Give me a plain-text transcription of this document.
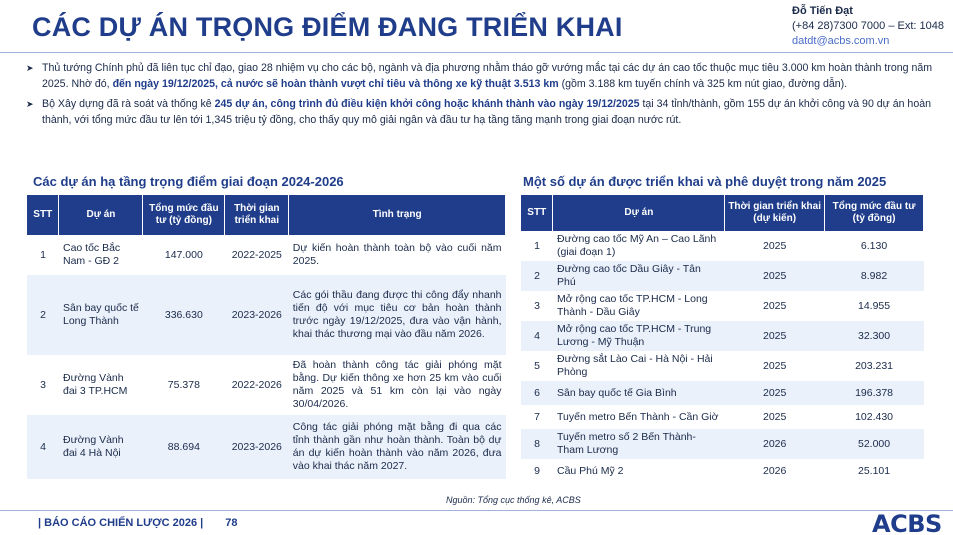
CÁC DỰ ÁN TRỌNG ĐIỂM ĐANG TRIỂN KHAI
Đỗ Tiến Đạt
(+84 28)7300 7000 – Ext: 1048
datdt@acbs.com.vn
➤ Thủ tướng Chính phủ đã liên tục chỉ đạo, giao 28 nhiệm vụ cho các bộ, ngành và địa phương nhằm tháo gỡ vướng mắc tại các dự án cao tốc thuộc mục tiêu 3.000 km hoàn thành trong năm 2025. Nhờ đó, đến ngày 19/12/2025, cả nước sẽ hoàn thành vượt chỉ tiêu và thông xe kỹ thuật 3.513 km (gồm 3.188 km tuyến chính và 325 km nút giao, đường dẫn).
➤ Bộ Xây dựng đã rà soát và thống kê 245 dự án, công trình đủ điều kiện khởi công hoặc khánh thành vào ngày 19/12/2025 tại 34 tỉnh/thành, gồm 155 dự án khởi công và 90 dự án hoàn thành, với tổng mức đầu tư lên tới 1,345 triệu tỷ đồng, cho thấy quy mô giải ngân và đầu tư hạ tầng tăng mạnh trong giai đoạn nước rút.
Các dự án hạ tầng trọng điểm giai đoạn 2024-2026	Một số dự án được triển khai và phê duyệt trong năm 2025
STT	Dự án	Tổng mức đầu tư (tỷ đồng)	Thời gian triển khai	Tình trạng
1	Cao tốc Bắc Nam - GĐ 2	147.000	2022-2025	Dự kiến hoàn thành toàn bộ vào cuối năm 2025.
2	Sân bay quốc tế Long Thành	336.630	2023-2026	Các gói thầu đang được thi công đẩy nhanh tiến độ với mục tiêu cơ bản hoàn thành trước ngày 19/12/2025, đưa vào vận hành, khai thác thương mại vào đầu năm 2026.
3	Đường Vành đai 3 TP.HCM	75.378	2022-2026	Đã hoàn thành công tác giải phóng mặt bằng. Dự kiến thông xe hơn 25 km vào cuối năm 2025 và 51 km còn lại vào ngày 30/04/2026.
4	Đường Vành đai 4 Hà Nội	88.694	2023-2026	Công tác giải phóng mặt bằng đi qua các tỉnh thành gần như hoàn thành. Toàn bộ dự án dự kiến hoàn thành vào năm 2026, đưa vào khai thác năm 2027.
STT	Dự án	Thời gian triển khai (dự kiến)	Tổng mức đầu tư (tỷ đồng)
1	Đường cao tốc Mỹ An – Cao Lãnh (giai đoạn 1)	2025	6.130
2	Đường cao tốc Dầu Giây - Tân Phú	2025	8.982
3	Mở rộng cao tốc TP.HCM - Long Thành - Dầu Giây	2025	14.955
4	Mở rộng cao tốc TP.HCM - Trung Lương - Mỹ Thuận	2025	32.300
5	Đường sắt Lào Cai - Hà Nội - Hải Phòng	2025	203.231
6	Sân bay quốc tế Gia Bình	2025	196.378
7	Tuyến metro Bến Thành - Cần Giờ	2025	102.430
8	Tuyến metro số 2 Bến Thành-Tham Lương	2026	52.000
9	Cầu Phú Mỹ 2	2026	25.101
Nguồn: Tổng cục thống kê, ACBS
| BÁO CÁO CHIẾN LƯỢC 2026 | 78	ACBS
